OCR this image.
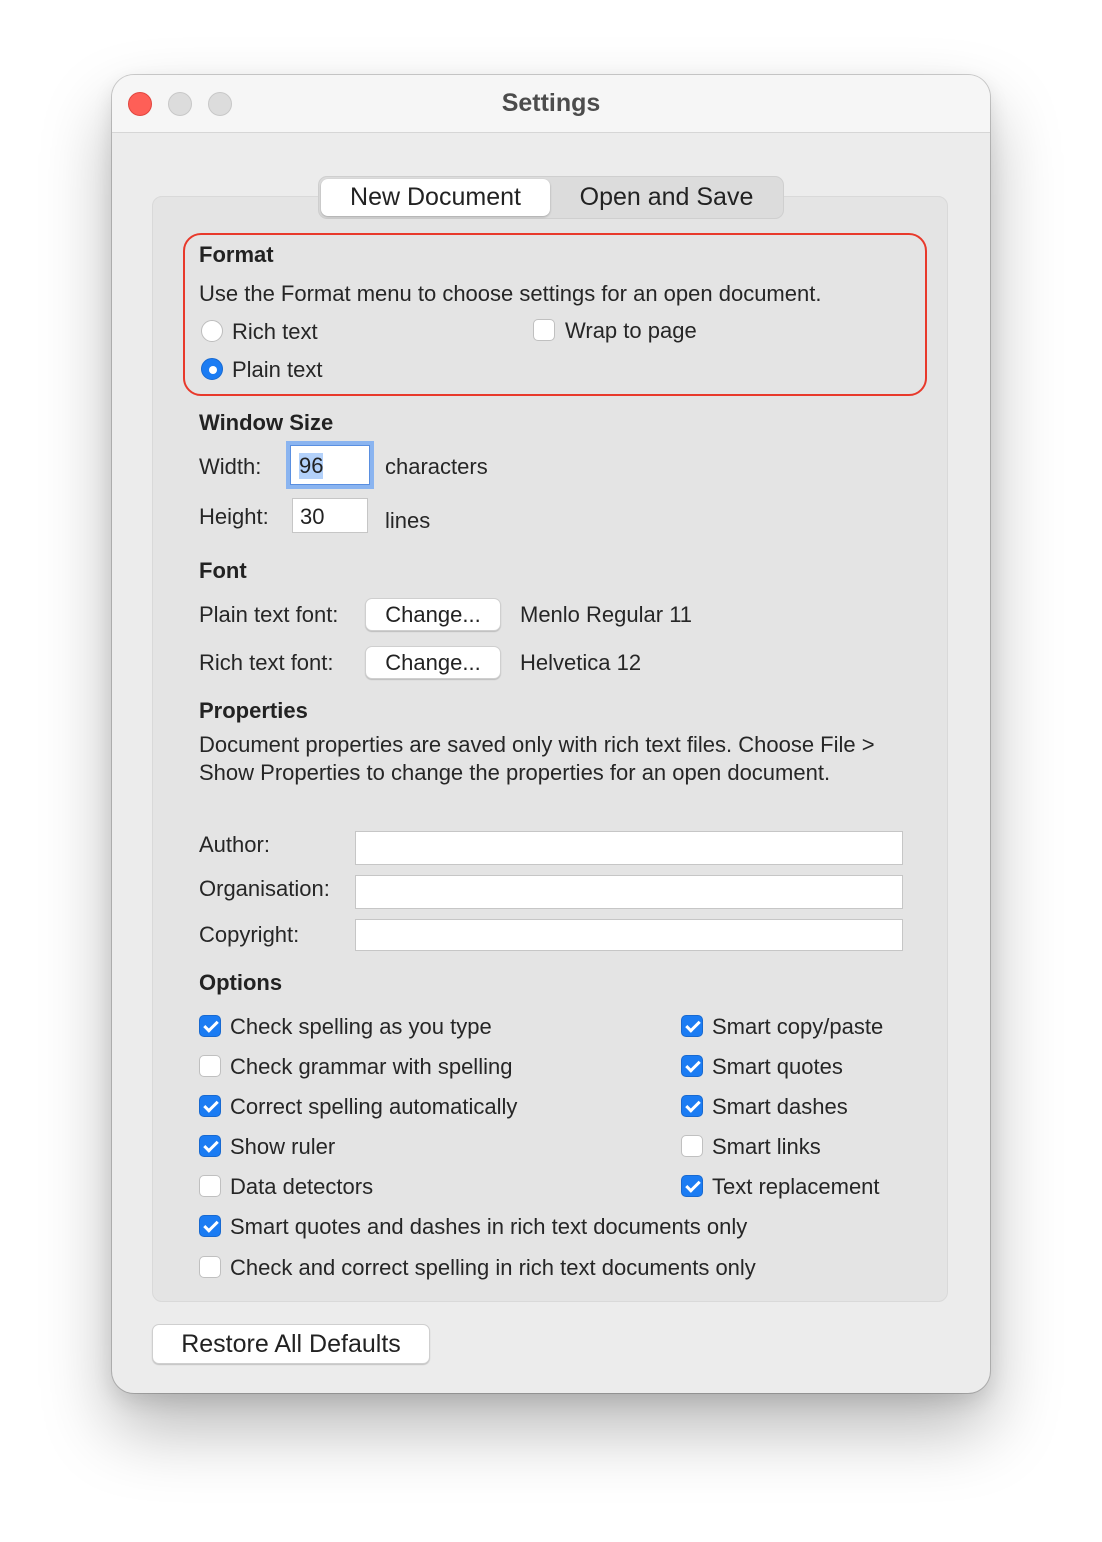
Settings
New Document	Open and Save
Format
Use the Format menu to choose settings for an open document.
Rich text
Plain text
Wrap to page
Window Size
Width: 96	characters
Height: 30	lines
Font
Plain text font:	Change...	Menlo Regular 11
Rich text font:	Change...	Helvetica 12
Properties
Document properties are saved only with rich text files. Choose File > Show Properties to change the properties for an open document.
Author:
Organisation:
Copyright:
Options
Check spelling as you type
Check grammar with spelling
Correct spelling automatically
Show ruler
Data detectors
Smart copy/paste
Smart quotes
Smart dashes
Smart links
Text replacement
Smart quotes and dashes in rich text documents only
Check and correct spelling in rich text documents only
Restore All Defaults
